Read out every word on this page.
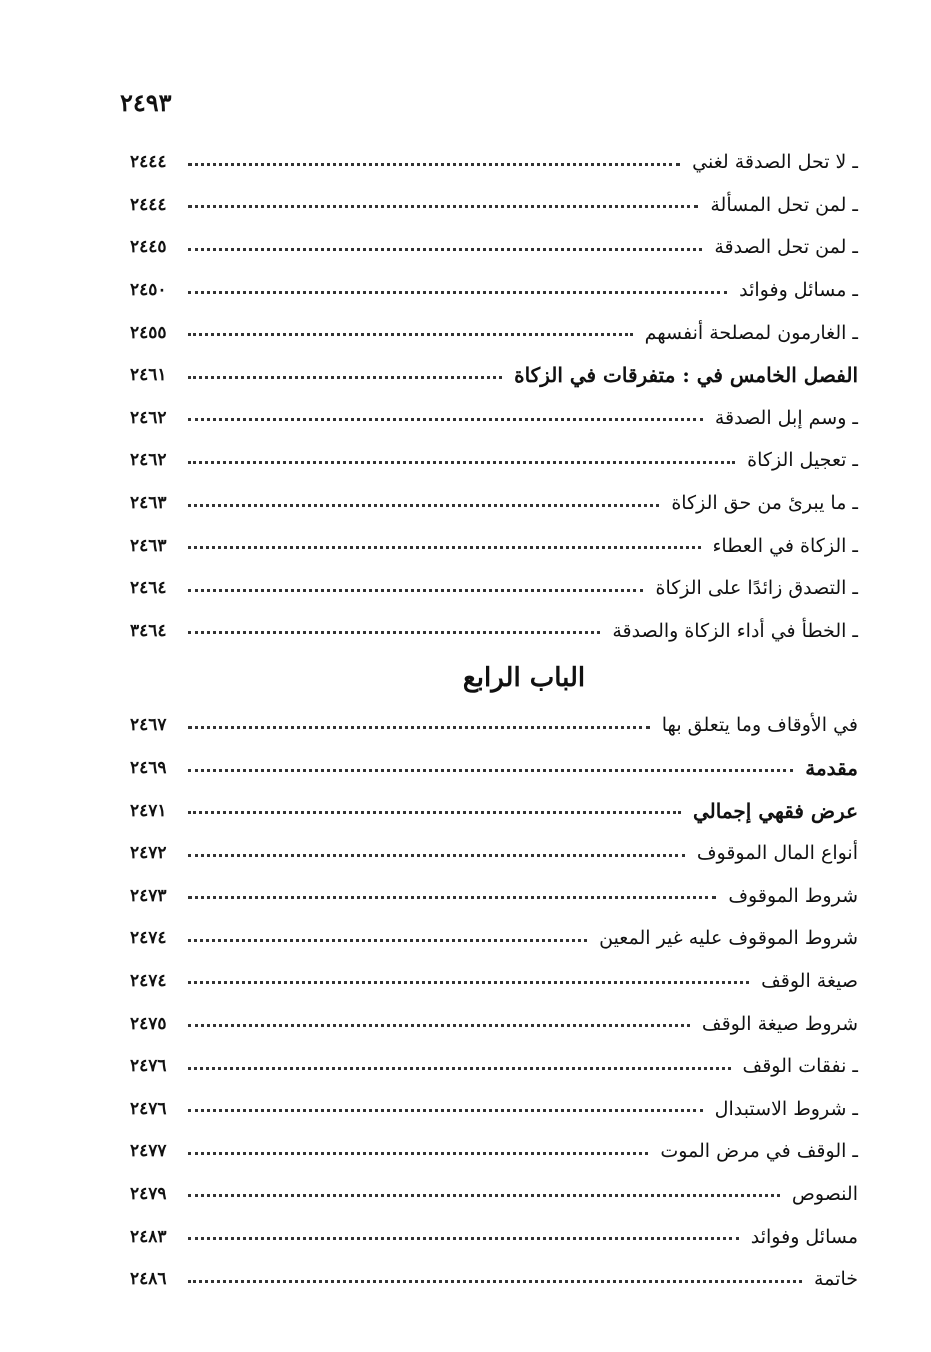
٢٤٩٣
ـ لا تحل الصدقة لغني
٢٤٤٤
ـ لمن تحل المسألة
٢٤٤٤
ـ لمن تحل الصدقة
٢٤٤٥
ـ مسائل وفوائد
٢٤٥٠
ـ الغارمون لمصلحة أنفسهم
٢٤٥٥
الفصل الخامس في : متفرقات في الزكاة
٢٤٦١
ـ وسم إبل الصدقة
٢٤٦٢
ـ تعجيل الزكاة
٢٤٦٢
ـ ما يبرئ من حق الزكاة
٢٤٦٣
ـ الزكاة في العطاء
٢٤٦٣
ـ التصدق زائدًا على الزكاة
٢٤٦٤
ـ الخطأ في أداء الزكاة والصدقة
٣٤٦٤
الباب الرابع
في الأوقاف وما يتعلق بها
٢٤٦٧
مقدمة
٢٤٦٩
عرض فقهي إجمالي
٢٤٧١
أنواع المال الموقوف
٢٤٧٢
شروط الموقوف
٢٤٧٣
شروط الموقوف عليه غير المعين
٢٤٧٤
صيغة الوقف
٢٤٧٤
شروط صيغة الوقف
٢٤٧٥
ـ نفقات الوقف
٢٤٧٦
ـ شروط الاستبدال
٢٤٧٦
ـ الوقف في مرض الموت
٢٤٧٧
النصوص
٢٤٧٩
مسائل وفوائد
٢٤٨٣
خاتمة
٢٤٨٦
